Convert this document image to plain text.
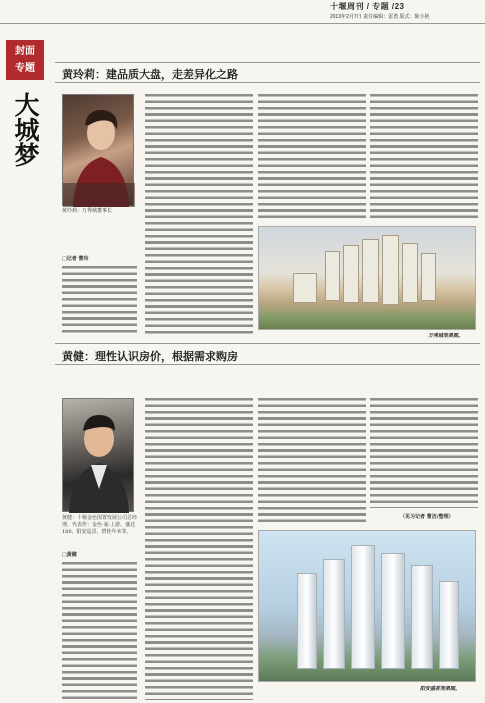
十堰周刊 / 专题 /23
2013年2月7日 责任编辑：雷勇 版式：陈小艳
封面
专题
大城梦
黄玲莉：建品质大盘，走差异化之路
黄玲莉：万秀城董事长
□记者 曹玲
万秀城效果图。
黄健：理性认识房价，根据需求购房
黄健：十堰金色围置发展公司总经理，代表作：金色·家·上游、盛达180、阳安巡景、碧桂年末等。
□黄健
（见习记者 曹洁/整理）
阳安盛茗效果图。
